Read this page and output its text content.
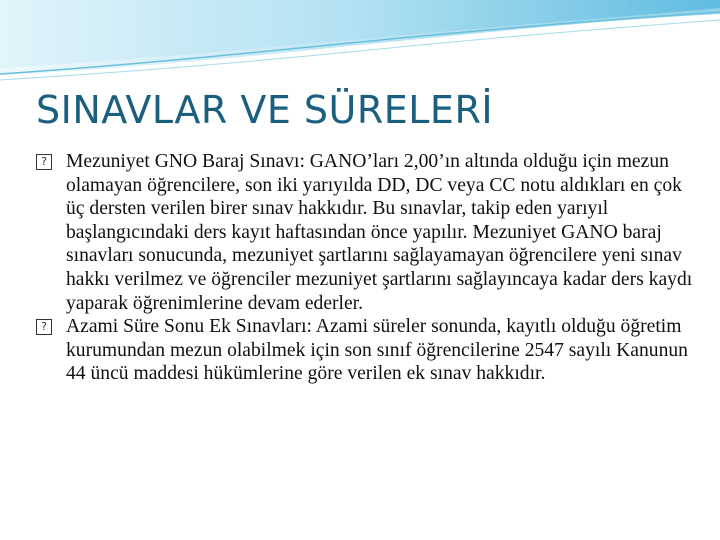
SINAVLAR VE SÜRELERİ

? Mezuniyet GNO Baraj Sınavı: GANO’ları 2,00’ın altında olduğu için mezun olamayan öğrencilere, son iki yarıyılda DD, DC veya CC notu aldıkları en çok üç dersten verilen birer sınav hakkıdır. Bu sınavlar, takip eden yarıyıl başlangıcındaki ders kayıt haftasından önce yapılır. Mezuniyet GANO baraj sınavları sonucunda, mezuniyet şartlarını sağlayamayan öğrencilere yeni sınav hakkı verilmez ve öğrenciler mezuniyet şartlarını sağlayıncaya kadar ders kaydı yaparak öğrenimlerine devam ederler.

? Azami Süre Sonu Ek Sınavları: Azami süreler sonunda, kayıtlı olduğu öğretim kurumundan mezun olabilmek için son sınıf öğrencilerine 2547 sayılı Kanunun 44 üncü maddesi hükümlerine göre verilen ek sınav hakkıdır.
